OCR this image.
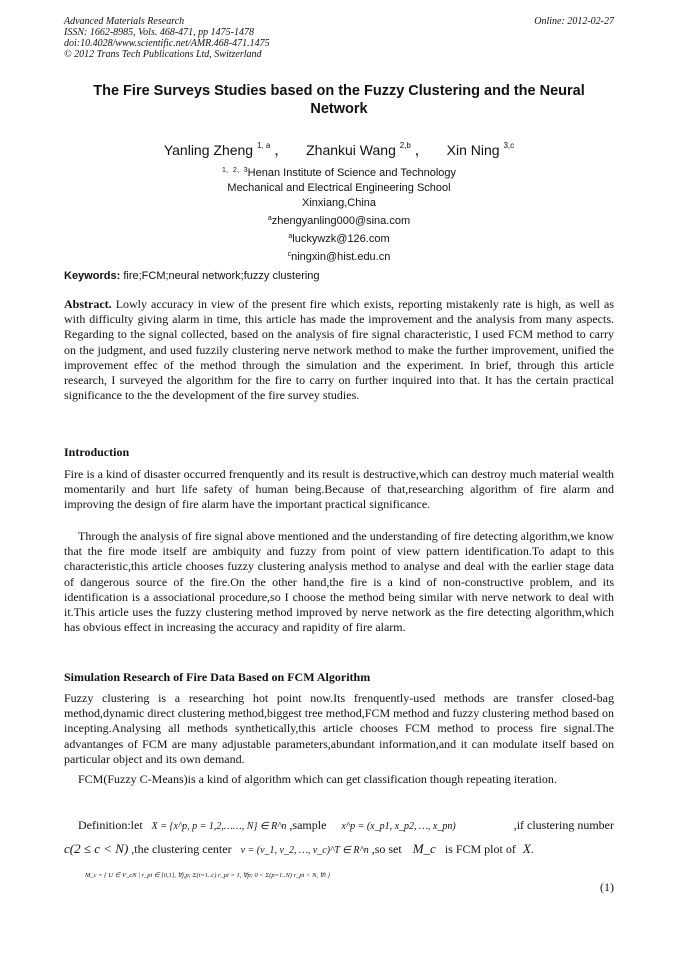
Advanced Materials Research
ISSN: 1662-8985, Vols. 468-471, pp 1475-1478
doi:10.4028/www.scientific.net/AMR.468-471.1475
© 2012 Trans Tech Publications Ltd, Switzerland
Online: 2012-02-27
The Fire Surveys Studies based on the Fuzzy Clustering and the Neural Network
Yanling Zheng $^{1, a}$ ， Zhankui Wang $^{2,b}$ ， Xin Ning $^{3,c}$
$^{1、2、3}$Henan Institute of Science and Technology
Mechanical and Electrical Engineering School
Xinxiang,China
$^a$zhengyanling000@sina.com
$^a$luckywzk@126.com
$^c$ningxin@hist.edu.cn
Keywords: fire;FCM;neural network;fuzzy clustering
Abstract. Lowly accuracy in view of the present fire which exists, reporting mistakenly rate is high, as well as with difficulty giving alarm in time, this article has made the improvement and the analysis from many aspects. Regarding to the signal collected, based on the analysis of fire signal characteristic, I used FCM method to carry on the judgment, and used fuzzily clustering nerve network method to make the further improvement, unified the improvement effec of the method through the simulation and the experiment. In brief, through this article research, I surveyed the algorithm for the fire to carry on further inquired into that. It has the certain practical significance to the the development of the fire survey studies.
Introduction
Fire is a kind of disaster occurred frenquently and its result is destructive,which can destroy much material wealth momentarily and hurt life safety of human being.Because of that,researching algorithm of fire alarm and improving the design of fire alarm have the important practical significance.
Through the analysis of fire signal above mentioned and the understanding of fire detecting algorithm,we know that the fire mode itself are ambiquity and fuzzy from point of view pattern identification.To adapt to this characteristic,this article chooses fuzzy clustering analysis method to analyse and deal with the earlier stage data of dangerous source of the fire.On the other hand,the fire is a kind of non-constructive problem, and its identification is a associational procedure,so I choose the method being similar with nerve network to deal with it.This article uses the fuzzy clustering method improved by nerve network as the fire detecting algorithm,which has obvious effect in increasing the accuracy and rapidity of fire alarm.
Simulation Research of Fire Data Based on FCM Algorithm
Fuzzy clustering is a researching hot point now.Its frenquently-used methods are transfer closed-bag method,dynamic direct clustering method,biggest tree method,FCM method and fuzzy clustering method based on incepting.Analysing all methods synthetically,this article chooses FCM method to process fire signal.The advantanges of FCM are many adjustable parameters,abundant information,and it can modulate itself based on particular object and its own demand.
FCM(Fuzzy C-Means)is a kind of algorithm which can get classification though repeating iteration.
Definition:let X = {x^p, p = 1,2,……, N} ∈ R^n ,sample x^p = (x_p1, x_p2, …, x_pn)	,if clustering number
c(2 ≤ c < N) ,the clustering center v = (v_1, v_2, …, v_c)^T ∈ R^n ,so set M_c is FCM plot of X.
M_c = { U ∈ V_cN | r_pi ∈ [0,1], ∀j,p; Σ(i=1..c) r_pi = 1, ∀p; 0 < Σ(p=1..N) r_pi < N, ∀i }
(1)
